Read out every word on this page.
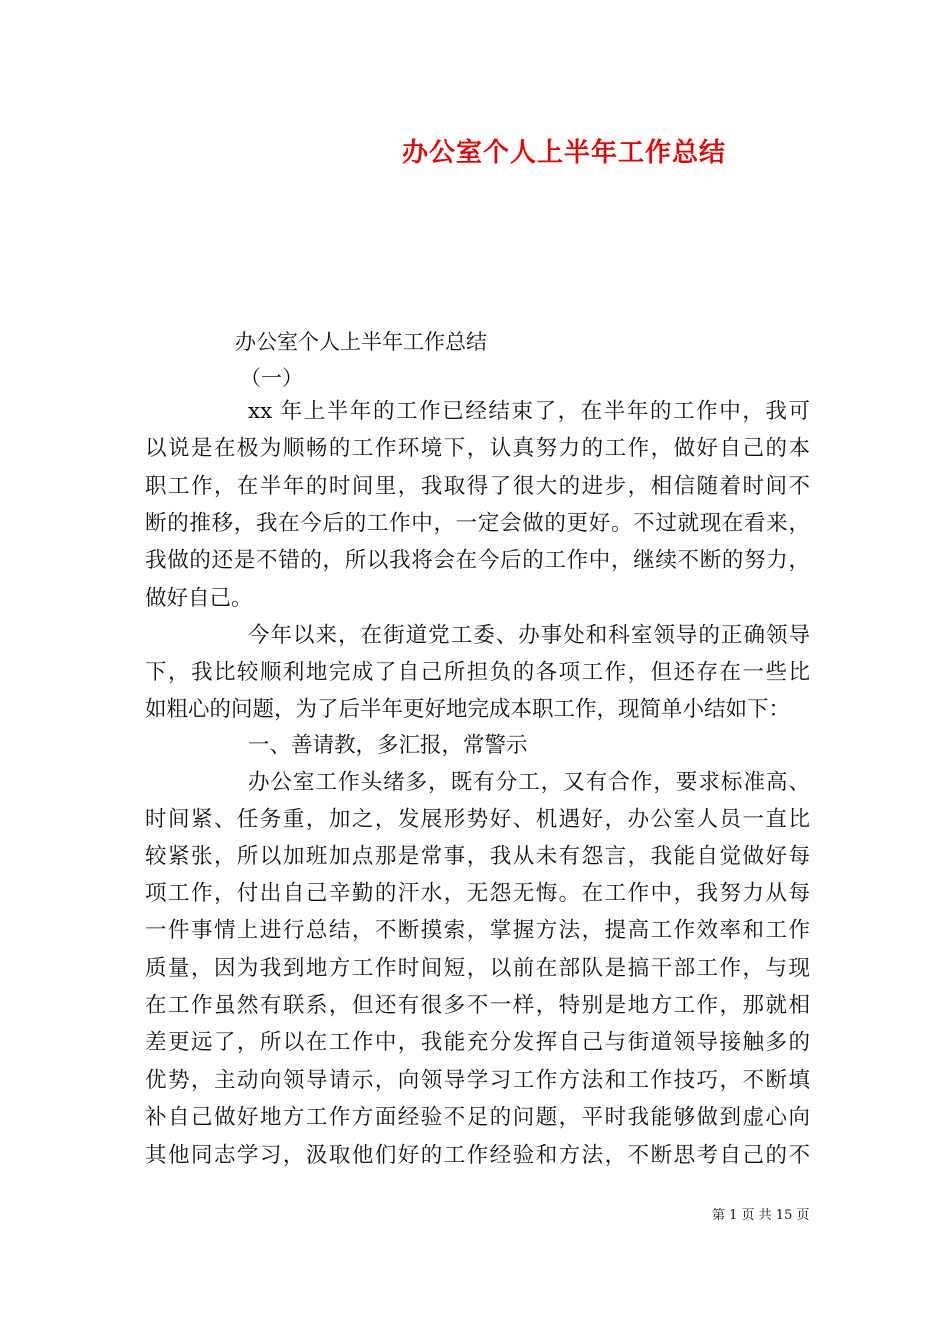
办公室个人上半年工作总结
办公室个人上半年工作总结
（一）
xx 年上半年的工作已经结束了，在半年的工作中，我可
以说是在极为顺畅的工作环境下，认真努力的工作，做好自己的本
职工作，在半年的时间里，我取得了很大的进步，相信随着时间不
断的推移，我在今后的工作中，一定会做的更好。不过就现在看来，
我做的还是不错的，所以我将会在今后的工作中，继续不断的努力，
做好自己。
今年以来，在街道党工委、办事处和科室领导的正确领导
下，我比较顺利地完成了自己所担负的各项工作，但还存在一些比
如粗心的问题，为了后半年更好地完成本职工作，现简单小结如下：
一、善请教，多汇报，常警示
办公室工作头绪多，既有分工，又有合作，要求标准高、
时间紧、任务重，加之，发展形势好、机遇好，办公室人员一直比
较紧张，所以加班加点那是常事，我从未有怨言，我能自觉做好每
项工作，付出自己辛勤的汗水，无怨无悔。在工作中，我努力从每
一件事情上进行总结，不断摸索，掌握方法，提高工作效率和工作
质量，因为我到地方工作时间短，以前在部队是搞干部工作，与现
在工作虽然有联系，但还有很多不一样，特别是地方工作，那就相
差更远了，所以在工作中，我能充分发挥自己与街道领导接触多的
优势，主动向领导请示，向领导学习工作方法和工作技巧，不断填
补自己做好地方工作方面经验不足的问题，平时我能够做到虚心向
其他同志学习，汲取他们好的工作经验和方法，不断思考自己的不
第 1 页 共 15 页
